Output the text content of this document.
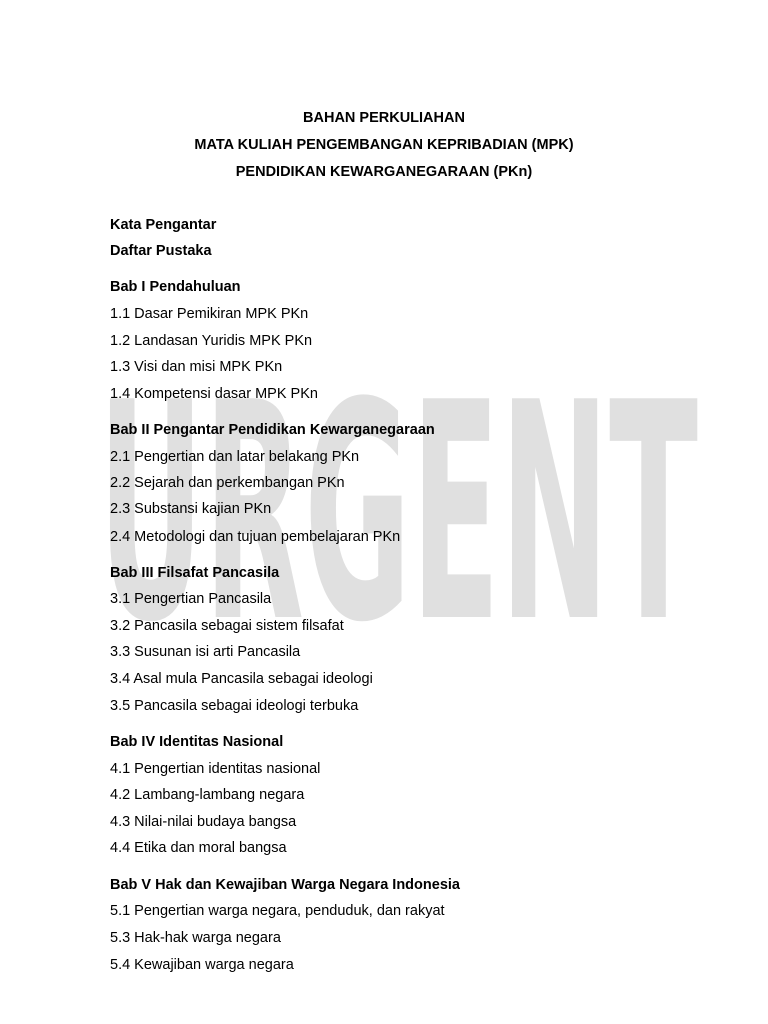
URGENT
BAHAN PERKULIAHAN
MATA KULIAH PENGEMBANGAN KEPRIBADIAN (MPK)
PENDIDIKAN KEWARGANEGARAAN (PKn)
Kata Pengantar
Daftar Pustaka
Bab I Pendahuluan
1.1 Dasar Pemikiran MPK PKn
1.2 Landasan Yuridis MPK PKn
1.3 Visi dan misi MPK PKn
1.4 Kompetensi dasar MPK PKn
Bab II Pengantar Pendidikan Kewarganegaraan
2.1 Pengertian dan latar belakang PKn
2.2 Sejarah dan perkembangan PKn
2.3 Substansi kajian PKn
2.4 Metodologi dan tujuan pembelajaran PKn
Bab III Filsafat Pancasila
3.1 Pengertian Pancasila
3.2 Pancasila sebagai sistem filsafat
3.3 Susunan isi arti Pancasila
3.4 Asal mula Pancasila sebagai ideologi
3.5 Pancasila sebagai ideologi terbuka
Bab IV Identitas Nasional
4.1 Pengertian identitas nasional
4.2 Lambang-lambang negara
4.3 Nilai-nilai budaya bangsa
4.4 Etika dan moral bangsa
Bab V Hak dan Kewajiban Warga Negara Indonesia
5.1 Pengertian warga negara, penduduk, dan rakyat
5.3 Hak-hak warga negara
5.4 Kewajiban warga negara
